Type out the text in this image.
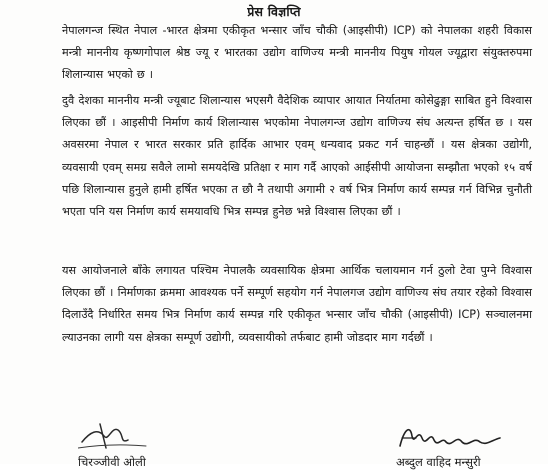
प्रेस विज्ञप्ति

नेपालगन्ज स्थित नेपाल -भारत क्षेत्रमा एकीकृत भन्सार जाँच चौकी (आइसीपी) ICP) को नेपालका शहरी विकास मन्त्री माननीय कृष्णगोपाल श्रेष्ठ ज्यू र भारतका उद्योग वाणिज्य मन्त्री माननीय पियुष गोयल ज्यूद्वारा संयुक्तरुपमा शिलान्यास भएको छ ।

दुवै देशका माननीय मन्त्री ज्यूबाट शिलान्यास भएसगै वैदेशिक व्यापार आयात निर्यातमा कोसेढुङ्गा साबित हुने विश्वास लिएका छौं । आइसीपी निर्माण कार्य शिलान्यास भएकोमा नेपालगन्ज उद्योग वाणिज्य संघ अत्यन्त हर्षित छ । यस अवसरमा नेपाल र भारत सरकार प्रति हार्दिक आभार एवम् धन्यवाद प्रकट गर्न चाहन्छौं । यस क्षेत्रका उद्योगी, व्यवसायी एवम् समग्र सवैले लामो समयदेखि प्रतिक्षा र माग गर्दै आएको आईसीपी आयोजना सम्झौता भएको १५ वर्ष पछि शिलान्यास हुनुले हामी हर्षित भएका त छौ नै तथापी अगामी २ वर्ष भित्र निर्माण कार्य सम्पन्न गर्न विभिन्न चुनौती भएता पनि यस निर्माण कार्य समयावधि भित्र सम्पन्न हुनेछ भन्ने विश्वास लिएका छौं ।

यस आयोजनाले बाँके लगायत पश्चिम नेपालकै व्यवसायिक क्षेत्रमा आर्थिक चलायमान गर्न ठुलो टेवा पुग्ने विश्वास लिएका छौं । निर्माणका क्रममा आवश्यक पर्ने सम्पूर्ण सहयोग गर्न नेपालगज उद्योग वाणिज्य संघ तयार रहेको विश्वास दिलाउँदै निर्धारित समय भित्र निर्माण कार्य सम्पन्न गरि एकीकृत भन्सार जाँच चौकी (आइसीपी) ICP) सञ्चालनमा ल्याउनका लागी यस क्षेत्रका सम्पूर्ण उद्योगी, व्यवसायीको तर्फबाट हामी जोडदार माग गर्दछौं ।

चिरञ्जीवी ओली	अब्दुल वाहिद मन्सुरी
